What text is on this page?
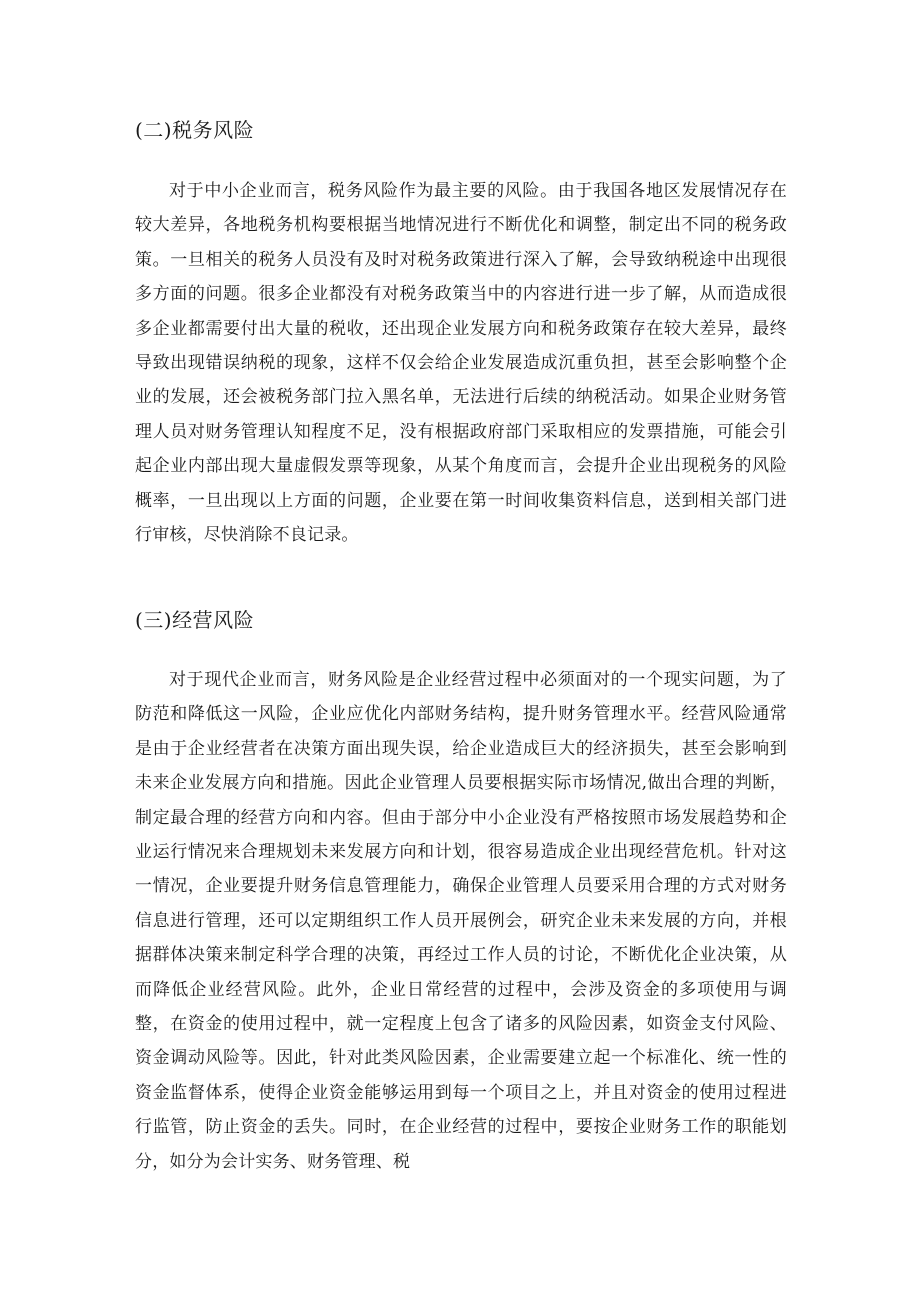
(二)税务风险

对于中小企业而言，税务风险作为最主要的风险。由于我国各地区发展情况存在较大差异，各地税务机构要根据当地情况进行不断优化和调整，制定出不同的税务政策。一旦相关的税务人员没有及时对税务政策进行深入了解，会导致纳税途中出现很多方面的问题。很多企业都没有对税务政策当中的内容进行进一步了解，从而造成很多企业都需要付出大量的税收，还出现企业发展方向和税务政策存在较大差异，最终导致出现错误纳税的现象，这样不仅会给企业发展造成沉重负担，甚至会影响整个企业的发展，还会被税务部门拉入黑名单，无法进行后续的纳税活动。如果企业财务管理人员对财务管理认知程度不足，没有根据政府部门采取相应的发票措施，可能会引起企业内部出现大量虚假发票等现象，从某个角度而言，会提升企业出现税务的风险概率，一旦出现以上方面的问题，企业要在第一时间收集资料信息，送到相关部门进行审核，尽快消除不良记录。

(三)经营风险

对于现代企业而言，财务风险是企业经营过程中必须面对的一个现实问题，为了防范和降低这一风险，企业应优化内部财务结构，提升财务管理水平。经营风险通常是由于企业经营者在决策方面出现失误，给企业造成巨大的经济损失，甚至会影响到未来企业发展方向和措施。因此企业管理人员要根据实际市场情况,做出合理的判断，制定最合理的经营方向和内容。但由于部分中小企业没有严格按照市场发展趋势和企业运行情况来合理规划未来发展方向和计划，很容易造成企业出现经营危机。针对这一情况，企业要提升财务信息管理能力，确保企业管理人员要采用合理的方式对财务信息进行管理，还可以定期组织工作人员开展例会，研究企业未来发展的方向，并根据群体决策来制定科学合理的决策，再经过工作人员的讨论，不断优化企业决策，从而降低企业经营风险。此外，企业日常经营的过程中，会涉及资金的多项使用与调整，在资金的使用过程中，就一定程度上包含了诸多的风险因素，如资金支付风险、资金调动风险等。因此，针对此类风险因素，企业需要建立起一个标准化、统一性的资金监督体系，使得企业资金能够运用到每一个项目之上，并且对资金的使用过程进行监管，防止资金的丢失。同时，在企业经营的过程中，要按企业财务工作的职能划分，如分为会计实务、财务管理、税
